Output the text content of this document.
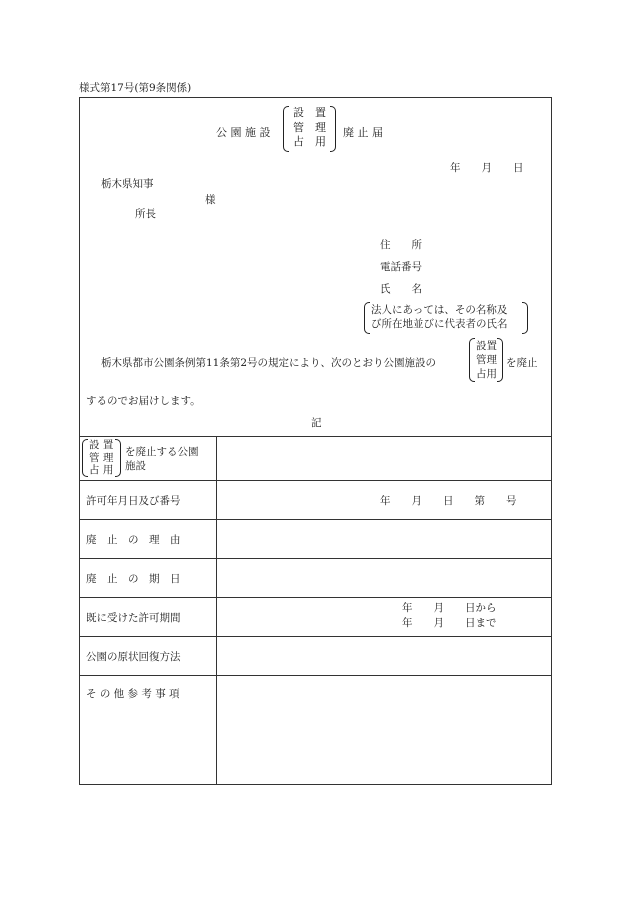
様式第17号(第9条関係)
公 園 施 設
設　置
管　理
占　用
廃 止 届
年　　月　　日
栃木県知事
様
所長
住　　所
電話番号
氏　　名
法人にあっては、その名称及
び所在地並びに代表者の氏名
栃木県都市公園条例第11条第2号の規定により、次のとおり公園施設の
設置
管理
占用
を廃止
するのでお届けします。
記
設 置
管 理
占 用
を廃止する公園
施設
許可年月日及び番号	年　　月　　日　　第　　号
廃　止　の　理　由
廃　止　の　期　日
既に受けた許可期間
年　　月　　日から
年　　月　　日まで
公園の原状回復方法
そ の 他 参 考 事 項
